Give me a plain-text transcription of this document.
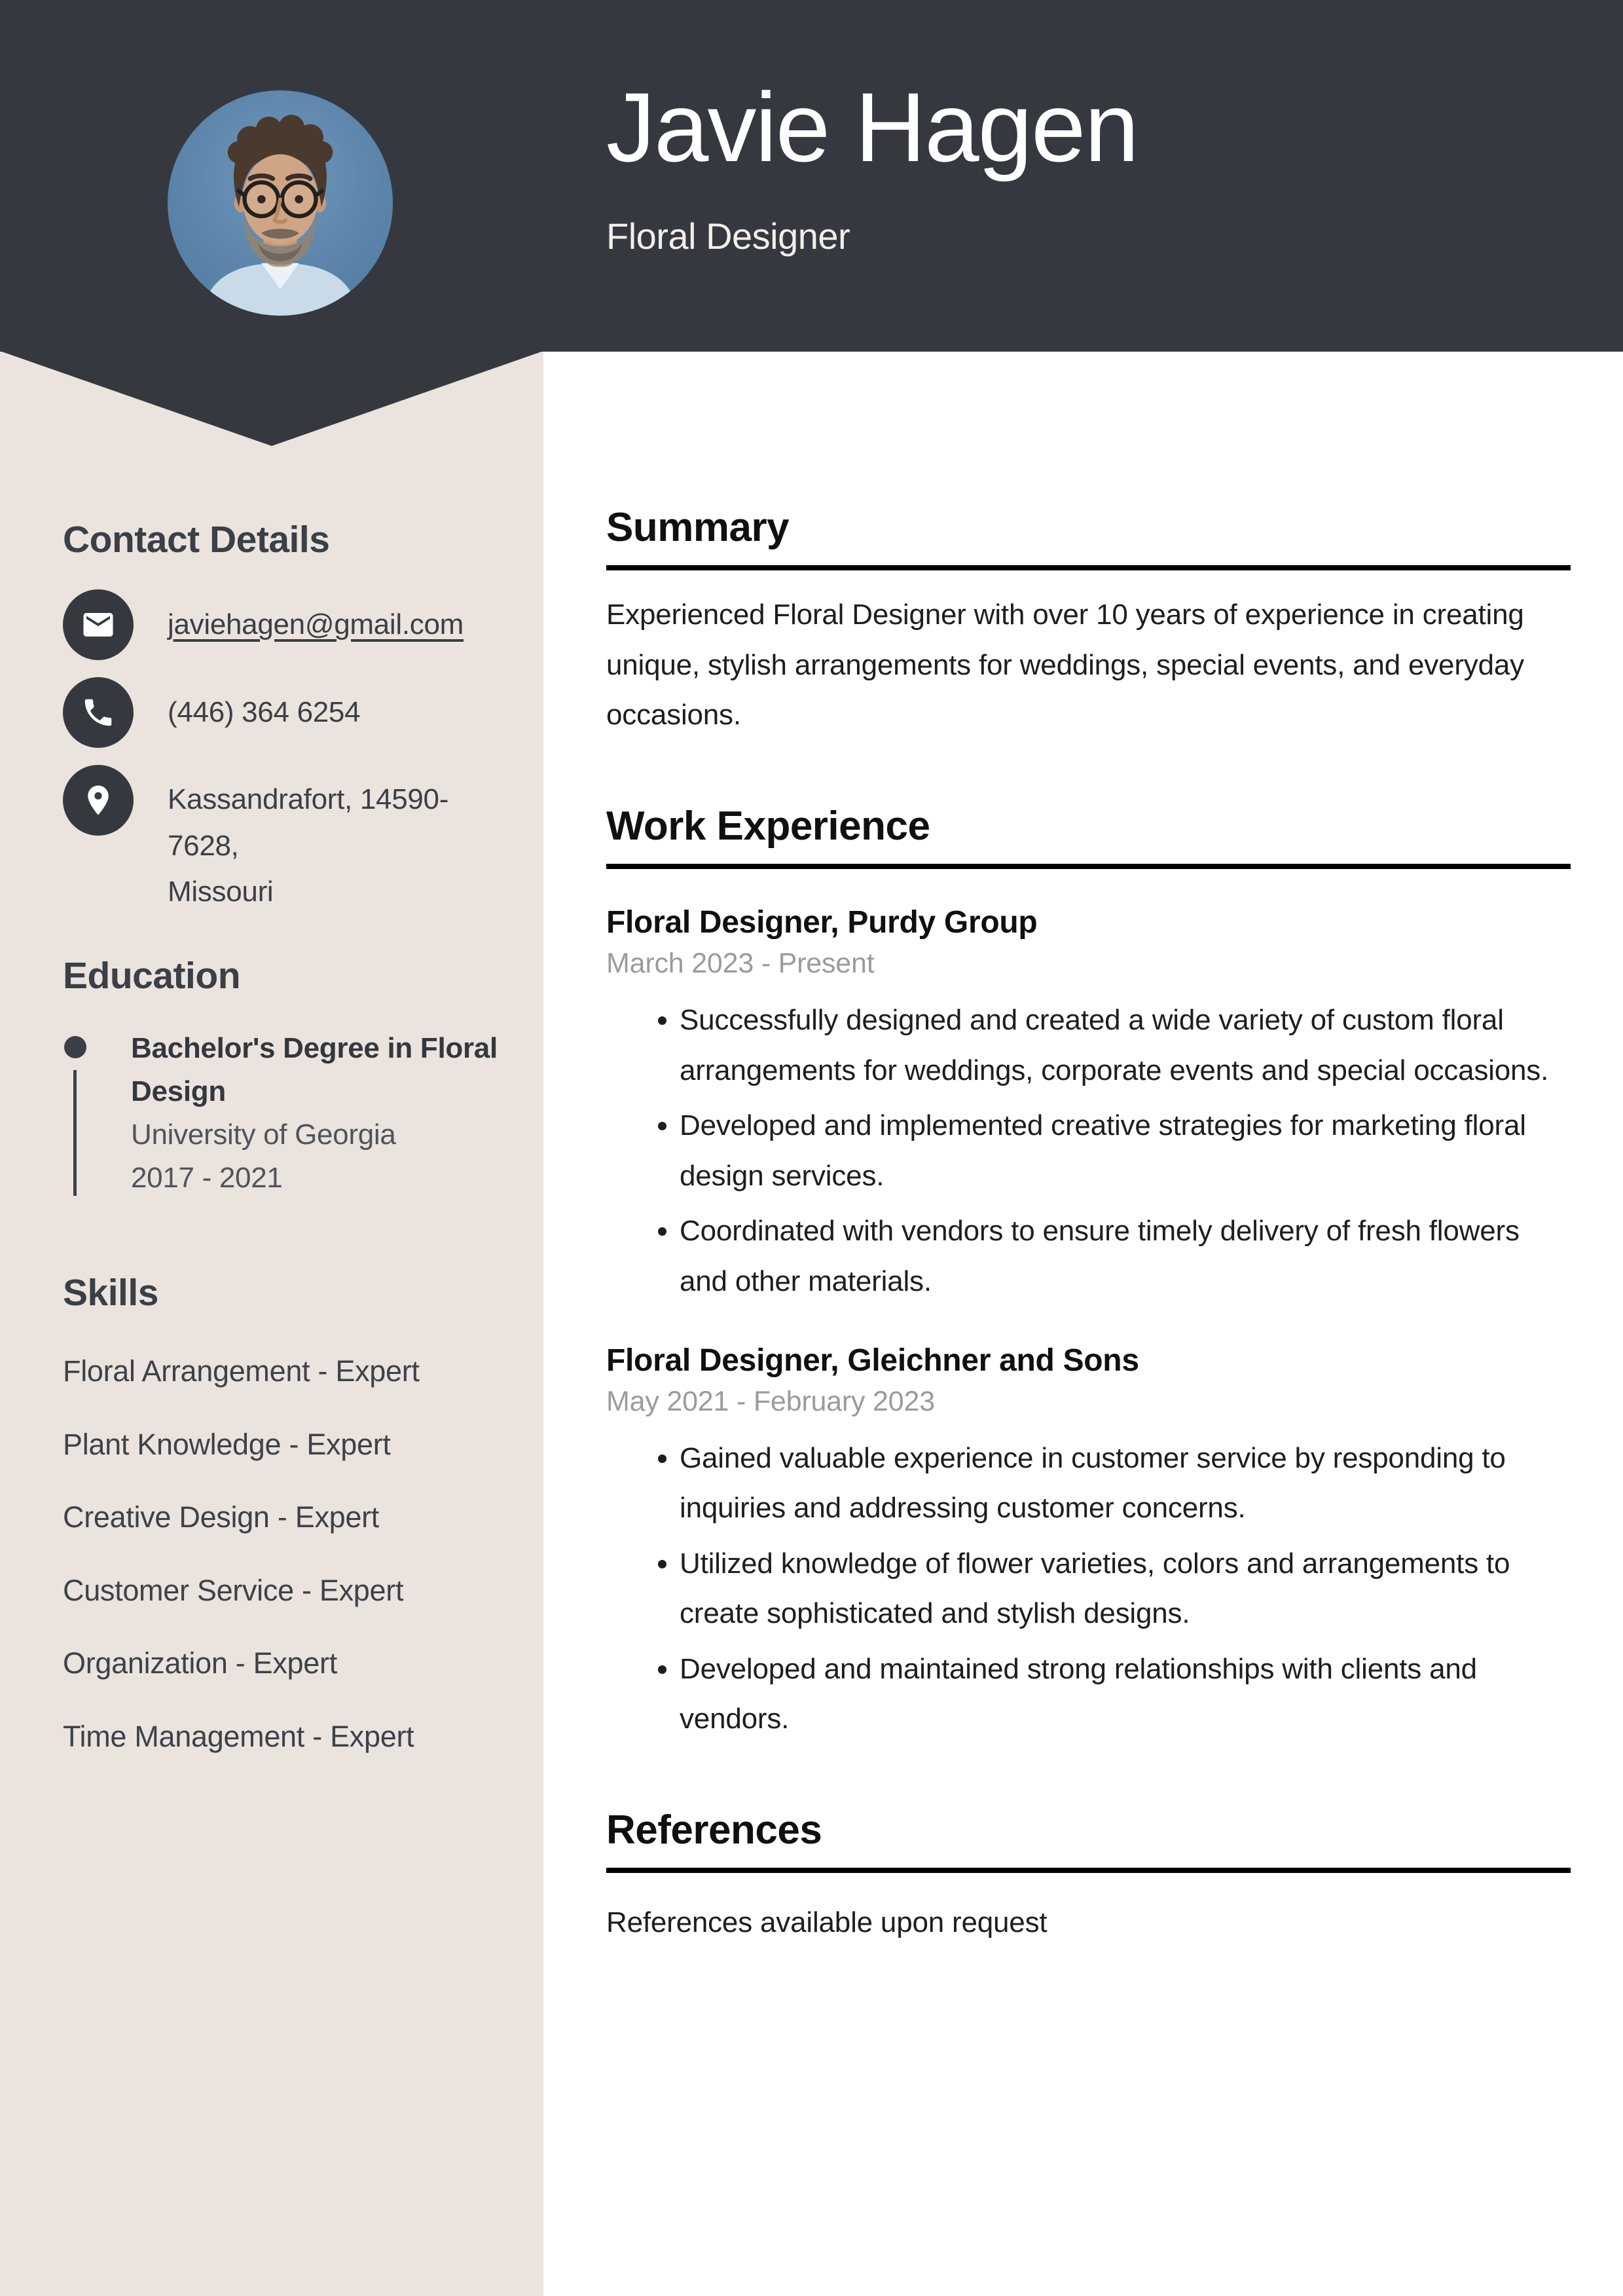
Javie Hagen
Floral Designer
Contact Details
javiehagen@gmail.com
(446) 364 6254
Kassandrafort, 14590-7628,
Missouri
Education
Bachelor's Degree in Floral Design
University of Georgia
2017 - 2021
Skills
Floral Arrangement - Expert
Plant Knowledge - Expert
Creative Design - Expert
Customer Service - Expert
Organization - Expert
Time Management - Expert
Summary

Experienced Floral Designer with over 10 years of experience in creating unique, stylish arrangements for weddings, special events, and everyday occasions.

Work Experience
Floral Designer, Purdy Group
March 2023 - Present
• Successfully designed and created a wide variety of custom floral arrangements for weddings, corporate events and special occasions.
• Developed and implemented creative strategies for marketing floral design services.
• Coordinated with vendors to ensure timely delivery of fresh flowers and other materials.
Floral Designer, Gleichner and Sons
May 2021 - February 2023
• Gained valuable experience in customer service by responding to inquiries and addressing customer concerns.
• Utilized knowledge of flower varieties, colors and arrangements to create sophisticated and stylish designs.
• Developed and maintained strong relationships with clients and vendors.
References

References available upon request
